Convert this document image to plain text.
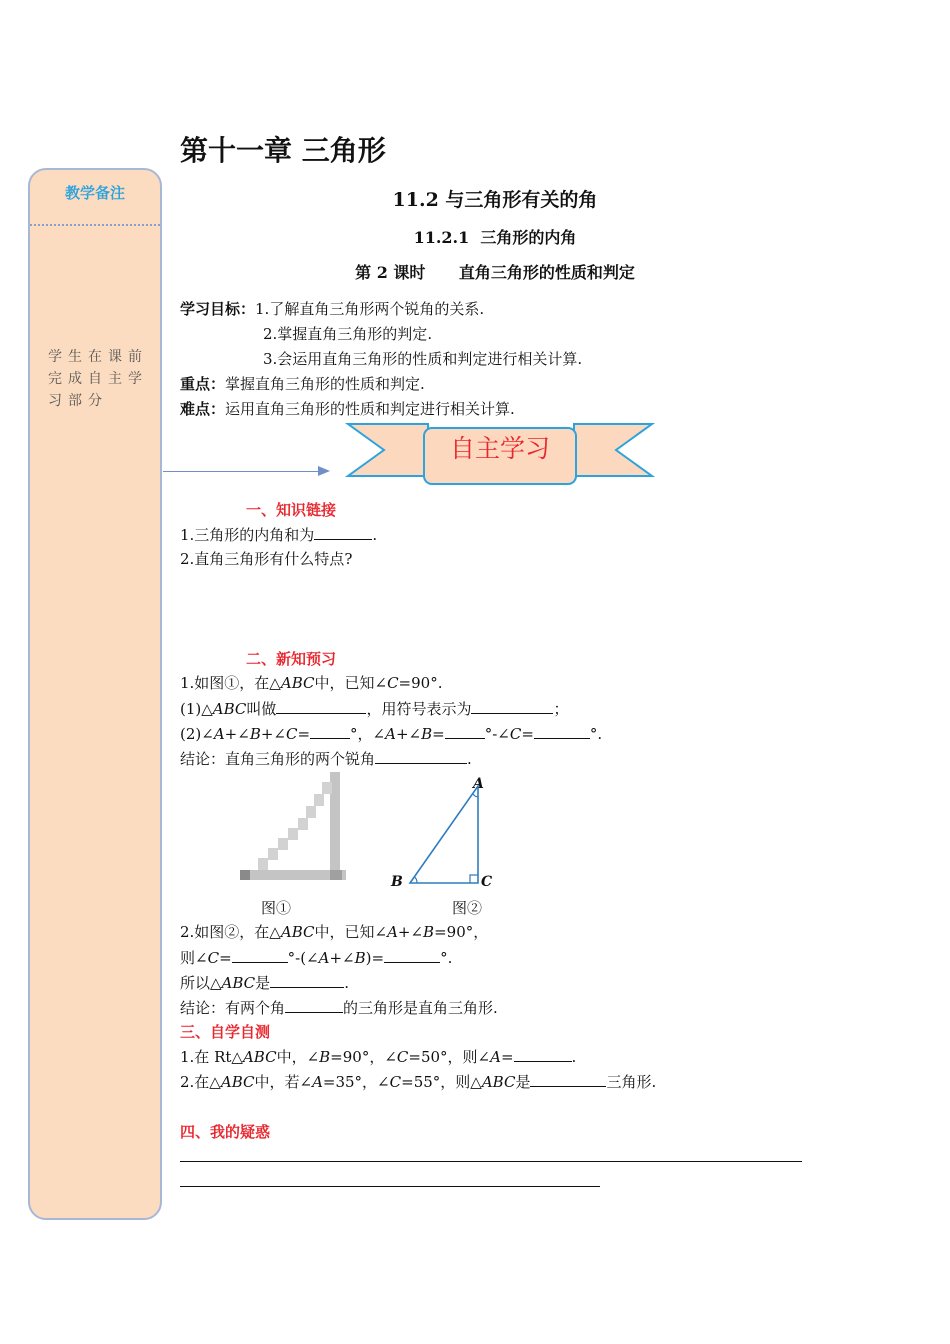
第十一章 三角形
教学备注
学生在课前完成自主学习部分
11.2 与三角形有关的角
11.2.1  三角形的内角
第 2 课时      直角三角形的性质和判定
学习目标：1.了解直角三角形两个锐角的关系.
2.掌握直角三角形的判定.
3.会运用直角三角形的性质和判定进行相关计算.
重点：掌握直角三角形的性质和判定.
难点：运用直角三角形的性质和判定进行相关计算.
自主学习
一、知识链接
1.三角形的内角和为	.
2.直角三角形有什么特点?
二、新知预习
1.如图①，在△ABC中，已知∠C=90°.
(1)△ABC叫做	，用符号表示为	；
(2)∠A+∠B+∠C=	°，∠A+∠B=	°-∠C=	°.
结论：直角三角形的两个锐角	.
图①
A
B	C
图②
2.如图②，在△ABC中，已知∠A+∠B=90°，
则∠C=	°-(∠A+∠B)=	°.
所以△ABC是	.
结论：有两个角	的三角形是直角三角形.
三、自学自测
1.在 Rt△ABC中，∠B=90°，∠C=50°，则∠A=	.
2.在△ABC中，若∠A=35°，∠C=55°，则△ABC是	三角形.
四、我的疑惑
